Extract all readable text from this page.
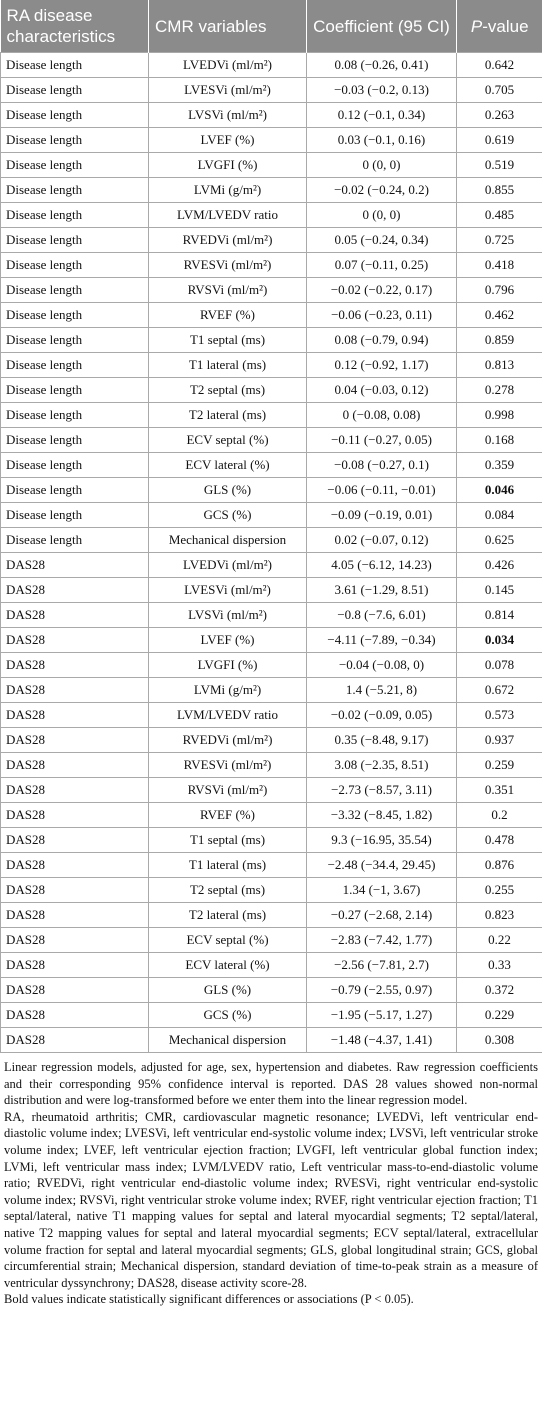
RA disease characteristics	CMR variables	Coefficient (95 CI)	P-value
Disease length	LVEDVi (ml/m²)	0.08 (−0.26, 0.41)	0.642
Disease length	LVESVi (ml/m²)	−0.03 (−0.2, 0.13)	0.705
Disease length	LVSVi (ml/m²)	0.12 (−0.1, 0.34)	0.263
Disease length	LVEF (%)	0.03 (−0.1, 0.16)	0.619
Disease length	LVGFI (%)	0 (0, 0)	0.519
Disease length	LVMi (g/m²)	−0.02 (−0.24, 0.2)	0.855
Disease length	LVM/LVEDV ratio	0 (0, 0)	0.485
Disease length	RVEDVi (ml/m²)	0.05 (−0.24, 0.34)	0.725
Disease length	RVESVi (ml/m²)	0.07 (−0.11, 0.25)	0.418
Disease length	RVSVi (ml/m²)	−0.02 (−0.22, 0.17)	0.796
Disease length	RVEF (%)	−0.06 (−0.23, 0.11)	0.462
Disease length	T1 septal (ms)	0.08 (−0.79, 0.94)	0.859
Disease length	T1 lateral (ms)	0.12 (−0.92, 1.17)	0.813
Disease length	T2 septal (ms)	0.04 (−0.03, 0.12)	0.278
Disease length	T2 lateral (ms)	0 (−0.08, 0.08)	0.998
Disease length	ECV septal (%)	−0.11 (−0.27, 0.05)	0.168
Disease length	ECV lateral (%)	−0.08 (−0.27, 0.1)	0.359
Disease length	GLS (%)	−0.06 (−0.11, −0.01)	0.046
Disease length	GCS (%)	−0.09 (−0.19, 0.01)	0.084
Disease length	Mechanical dispersion	0.02 (−0.07, 0.12)	0.625
DAS28	LVEDVi (ml/m²)	4.05 (−6.12, 14.23)	0.426
DAS28	LVESVi (ml/m²)	3.61 (−1.29, 8.51)	0.145
DAS28	LVSVi (ml/m²)	−0.8 (−7.6, 6.01)	0.814
DAS28	LVEF (%)	−4.11 (−7.89, −0.34)	0.034
DAS28	LVGFI (%)	−0.04 (−0.08, 0)	0.078
DAS28	LVMi (g/m²)	1.4 (−5.21, 8)	0.672
DAS28	LVM/LVEDV ratio	−0.02 (−0.09, 0.05)	0.573
DAS28	RVEDVi (ml/m²)	0.35 (−8.48, 9.17)	0.937
DAS28	RVESVi (ml/m²)	3.08 (−2.35, 8.51)	0.259
DAS28	RVSVi (ml/m²)	−2.73 (−8.57, 3.11)	0.351
DAS28	RVEF (%)	−3.32 (−8.45, 1.82)	0.2
DAS28	T1 septal (ms)	9.3 (−16.95, 35.54)	0.478
DAS28	T1 lateral (ms)	−2.48 (−34.4, 29.45)	0.876
DAS28	T2 septal (ms)	1.34 (−1, 3.67)	0.255
DAS28	T2 lateral (ms)	−0.27 (−2.68, 2.14)	0.823
DAS28	ECV septal (%)	−2.83 (−7.42, 1.77)	0.22
DAS28	ECV lateral (%)	−2.56 (−7.81, 2.7)	0.33
DAS28	GLS (%)	−0.79 (−2.55, 0.97)	0.372
DAS28	GCS (%)	−1.95 (−5.17, 1.27)	0.229
DAS28	Mechanical dispersion	−1.48 (−4.37, 1.41)	0.308

Linear regression models, adjusted for age, sex, hypertension and diabetes. Raw regression coefficients and their corresponding 95% confidence interval is reported. DAS 28 values showed non-normal distribution and were log-transformed before we enter them into the linear regression model.

RA, rheumatoid arthritis; CMR, cardiovascular magnetic resonance; LVEDVi, left ventricular end-diastolic volume index; LVESVi, left ventricular end-systolic volume index; LVSVi, left ventricular stroke volume index; LVEF, left ventricular ejection fraction; LVGFI, left ventricular global function index; LVMi, left ventricular mass index; LVM/LVEDV ratio, Left ventricular mass-to-end-diastolic volume ratio; RVEDVi, right ventricular end-diastolic volume index; RVESVi, right ventricular end-systolic volume index; RVSVi, right ventricular stroke volume index; RVEF, right ventricular ejection fraction; T1 septal/lateral, native T1 mapping values for septal and lateral myocardial segments; T2 septal/lateral, native T2 mapping values for septal and lateral myocardial segments; ECV septal/lateral, extracellular volume fraction for septal and lateral myocardial segments; GLS, global longitudinal strain; GCS, global circumferential strain; Mechanical dispersion, standard deviation of time-to-peak strain as a measure of ventricular dyssynchrony; DAS28, disease activity score-28.

Bold values indicate statistically significant differences or associations (P < 0.05).
